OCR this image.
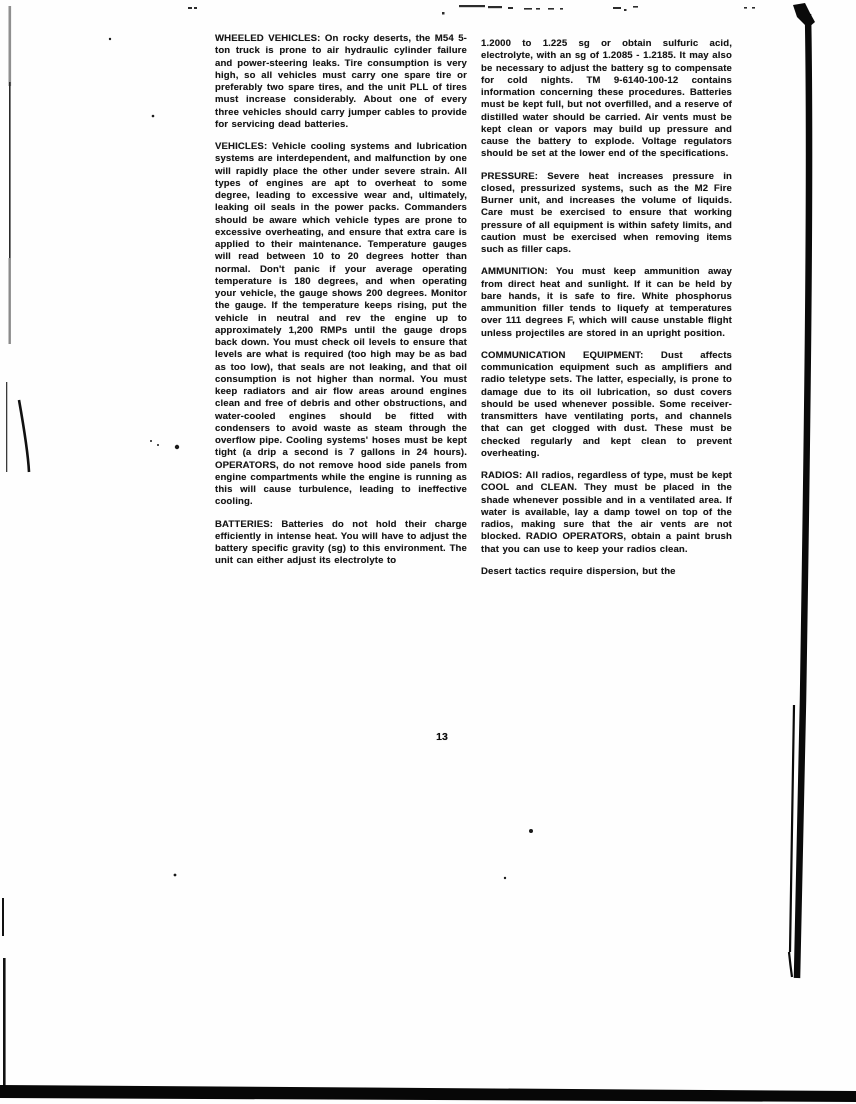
WHEELED VEHICLES: On rocky deserts, the M54 5-ton truck is prone to air hydraulic cylinder failure and power-steering leaks. Tire consumption is very high, so all vehicles must carry one spare tire or preferably two spare tires, and the unit PLL of tires must increase considerably. About one of every three vehicles should carry jumper cables to provide for servicing dead batteries.

VEHICLES: Vehicle cooling systems and lubrication systems are interdependent, and malfunction by one will rapidly place the other under severe strain. All types of engines are apt to overheat to some degree, leading to excessive wear and, ultimately, leaking oil seals in the power packs. Commanders should be aware which vehicle types are prone to excessive overheating, and ensure that extra care is applied to their maintenance. Temperature gauges will read between 10 to 20 degrees hotter than normal. Don't panic if your average operating temperature is 180 degrees, and when operating your vehicle, the gauge shows 200 degrees. Monitor the gauge. If the temperature keeps rising, put the vehicle in neutral and rev the engine up to approximately 1,200 RMPs until the gauge drops back down. You must check oil levels to ensure that levels are what is required (too high may be as bad as too low), that seals are not leaking, and that oil consumption is not higher than normal. You must keep radiators and air flow areas around engines clean and free of debris and other obstructions, and water-cooled engines should be fitted with condensers to avoid waste as steam through the overflow pipe. Cooling systems' hoses must be kept tight (a drip a second is 7 gallons in 24 hours). OPERATORS, do not remove hood side panels from engine compartments while the engine is running as this will cause turbulence, leading to ineffective cooling.

BATTERIES: Batteries do not hold their charge efficiently in intense heat. You will have to adjust the battery specific gravity (sg) to this environment. The unit can either adjust its electrolyte to

1.2000 to 1.225 sg or obtain sulfuric acid, electrolyte, with an sg of 1.2085 - 1.2185. It may also be necessary to adjust the battery sg to compensate for cold nights. TM 9-6140-100-12 contains information concerning these procedures. Batteries must be kept full, but not overfilled, and a reserve of distilled water should be carried. Air vents must be kept clean or vapors may build up pressure and cause the battery to explode. Voltage regulators should be set at the lower end of the specifications.

PRESSURE: Severe heat increases pressure in closed, pressurized systems, such as the M2 Fire Burner unit, and increases the volume of liquids. Care must be exercised to ensure that working pressure of all equipment is within safety limits, and caution must be exercised when removing items such as filler caps.

AMMUNITION: You must keep ammunition away from direct heat and sunlight. If it can be held by bare hands, it is safe to fire. White phosphorus ammunition filler tends to liquefy at temperatures over 111 degrees F, which will cause unstable flight unless projectiles are stored in an upright position.

COMMUNICATION EQUIPMENT: Dust affects communication equipment such as amplifiers and radio teletype sets. The latter, especially, is prone to damage due to its oil lubrication, so dust covers should be used whenever possible. Some receiver-transmitters have ventilating ports, and channels that can get clogged with dust. These must be checked regularly and kept clean to prevent overheating.

RADIOS: All radios, regardless of type, must be kept COOL and CLEAN. They must be placed in the shade whenever possible and in a ventilated area. If water is available, lay a damp towel on top of the radios, making sure that the air vents are not blocked. RADIO OPERATORS, obtain a paint brush that you can use to keep your radios clean.

Desert tactics require dispersion, but the

13
